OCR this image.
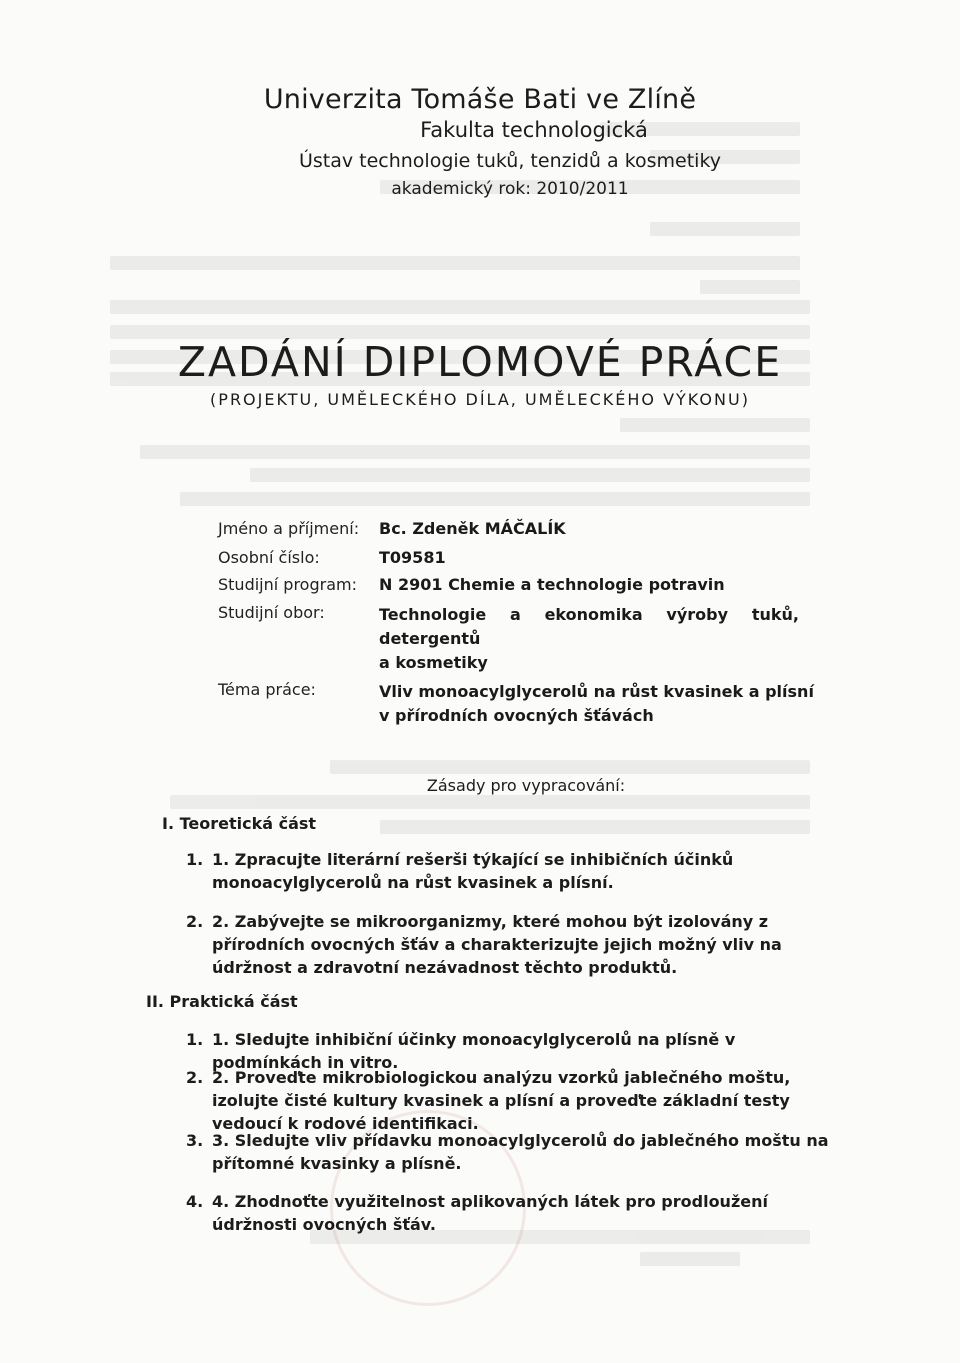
Univerzita Tomáše Bati ve Zlíně
Fakulta technologická
Ústav technologie tuků, tenzidů a kosmetiky
akademický rok: 2010/2011
ZADÁNÍ DIPLOMOVÉ PRÁCE
(PROJEKTU, UMĚLECKÉHO DÍLA, UMĚLECKÉHO VÝKONU)
Jméno a příjmení: Bc. Zdeněk MÁČALÍK
Osobní číslo:	T09581
Studijní program: N 2901 Chemie a technologie potravin
Studijní obor:	Technologie a ekonomika výroby tuků, detergentů
a kosmetiky
Téma práce:	Vliv monoacylglycerolů na růst kvasinek a plísní
v přírodních ovocných šťávách
Zásady pro vypracování:
I. Teoretická část
1. 1. Zpracujte literární rešerši týkající se inhibičních účinků monoacylglycerolů na růst kvasinek a plísní.
2. 2. Zabývejte se mikroorganizmy, které mohou být izolovány z přírodních ovocných šťáv a charakterizujte jejich možný vliv na údržnost a zdravotní nezávadnost těchto produktů.
II. Praktická část
1. 1. Sledujte inhibiční účinky monoacylglycerolů na plísně v podmínkách in vitro.
2. 2. Proveďte mikrobiologickou analýzu vzorků jablečného moštu, izolujte čisté kultury kvasinek a plísní a proveďte základní testy vedoucí k rodové identifikaci.
3. 3. Sledujte vliv přídavku monoacylglycerolů do jablečného moštu na přítomné kvasinky a plísně.
4. 4. Zhodnoťte využitelnost aplikovaných látek pro prodloužení údržnosti ovocných šťáv.
